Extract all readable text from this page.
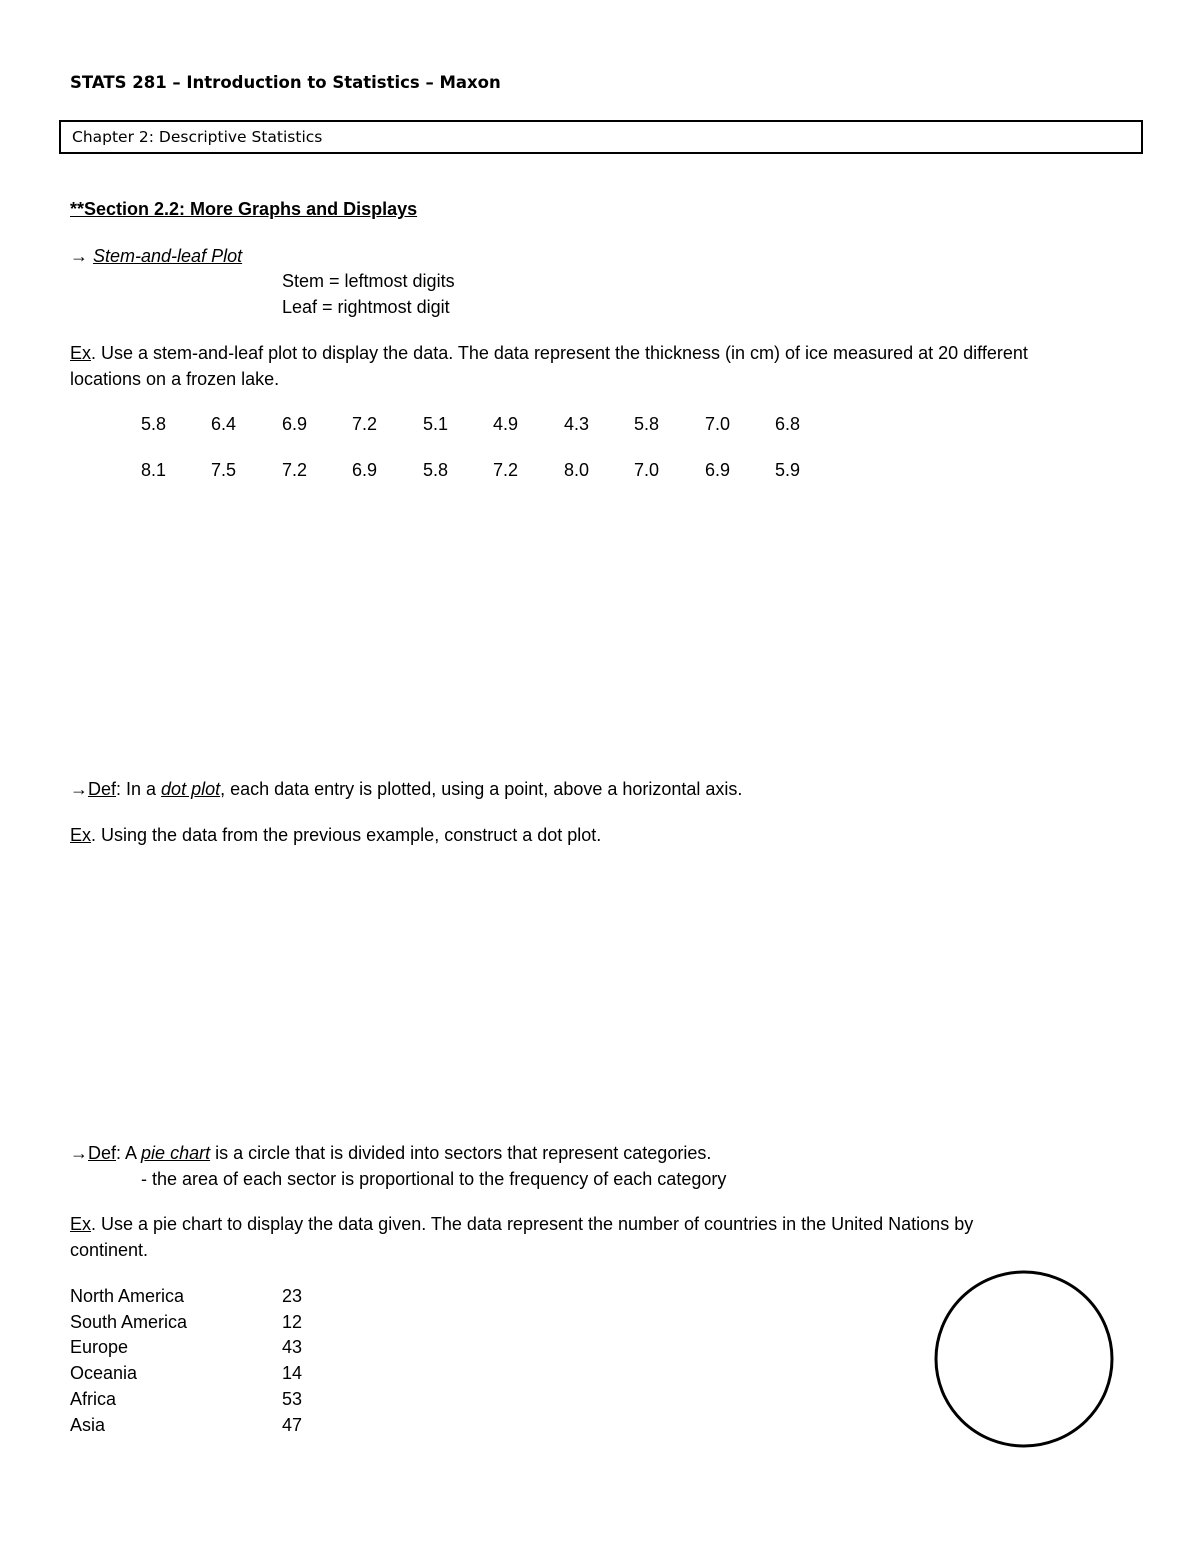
STATS 281 – Introduction to Statistics – Maxon
Chapter 2: Descriptive Statistics
**Section 2.2: More Graphs and Displays
→ Stem-and-leaf Plot
Stem = leftmost digits
Leaf = rightmost digit
Ex. Use a stem-and-leaf plot to display the data. The data represent the thickness (in cm) of ice measured at 20 different
locations on a frozen lake.
5.8	6.4	6.9	7.2	5.1	4.9	4.3	5.8	7.0	6.8
8.1	7.5	7.2	6.9	5.8	7.2	8.0	7.0	6.9	5.9
→Def: In a dot plot, each data entry is plotted, using a point, above a horizontal axis.
Ex. Using the data from the previous example, construct a dot plot.
→Def: A pie chart is a circle that is divided into sectors that represent categories.
- the area of each sector is proportional to the frequency of each category
Ex. Use a pie chart to display the data given. The data represent the number of countries in the United Nations by
continent.
North America	23
South America	12
Europe	43
Oceania	14
Africa	53
Asia	47
